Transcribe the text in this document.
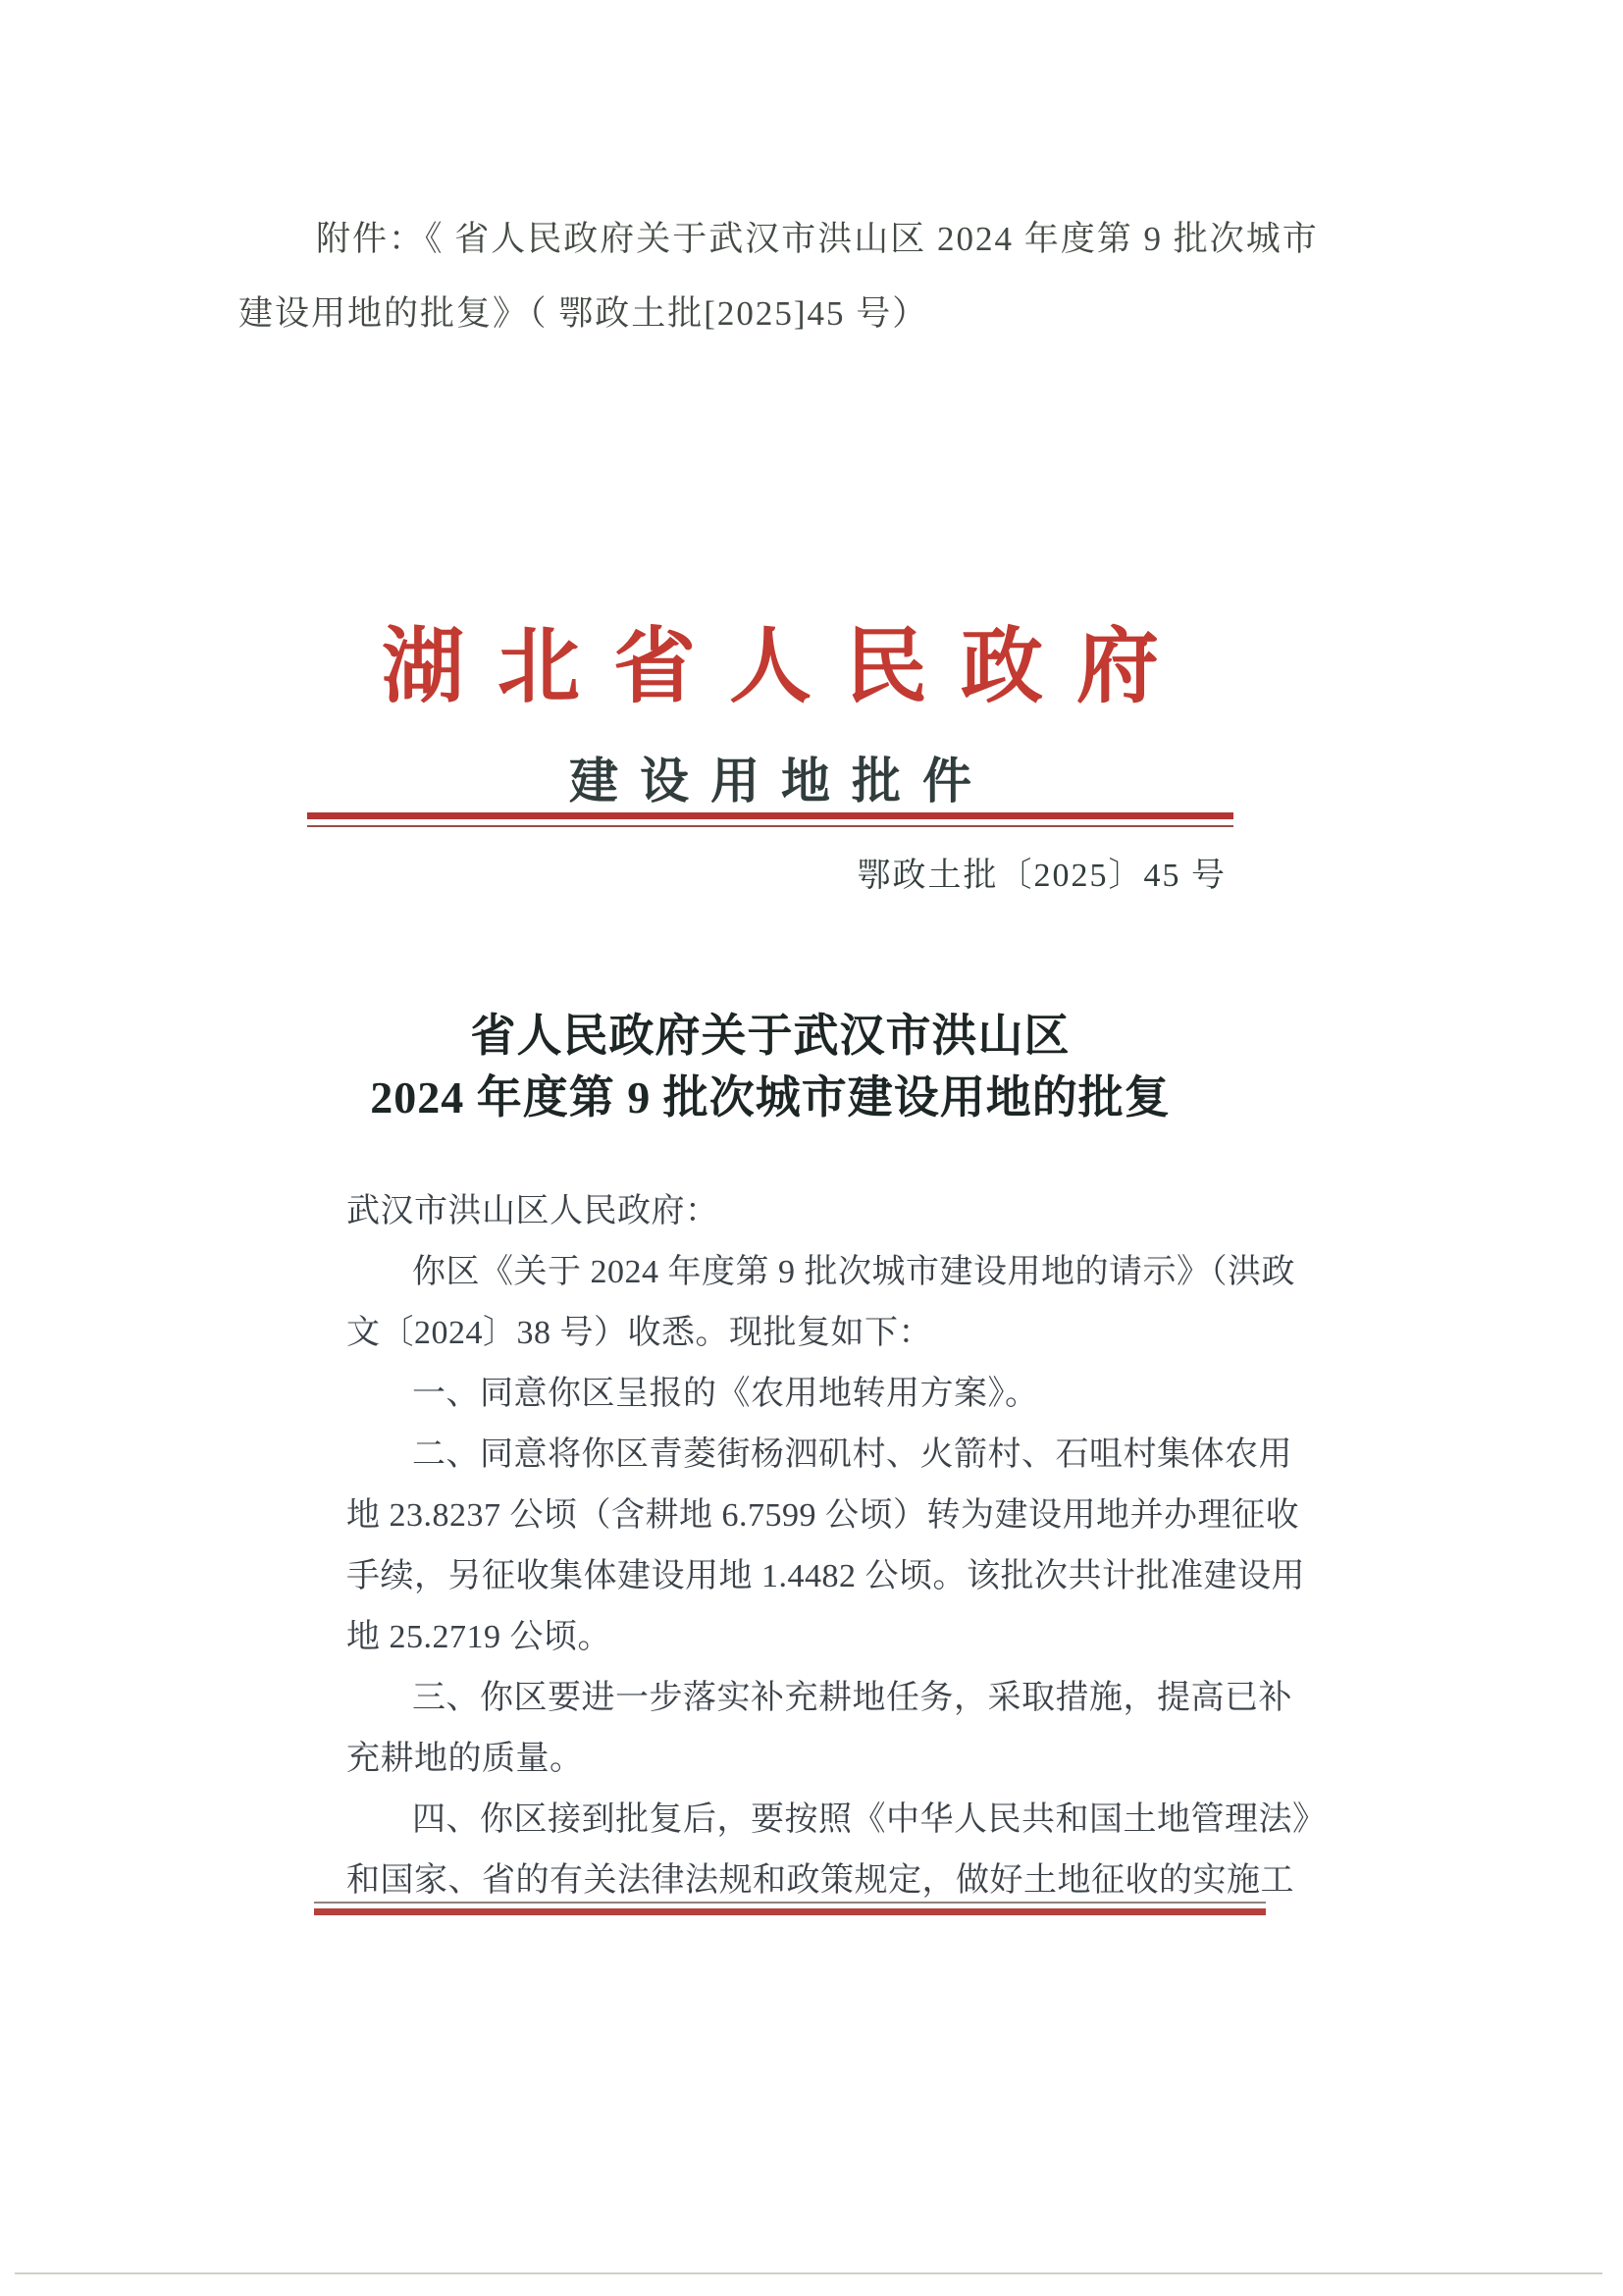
附件：《 省人民政府关于武汉市洪山区 2024 年度第 9 批次城市
建设用地的批复》（ 鄂政土批[2025]45 号）
湖北省人民政府
建设用地批件
鄂政土批〔2025〕45 号
省人民政府关于武汉市洪山区
2024 年度第 9 批次城市建设用地的批复
武汉市洪山区人民政府：
你区《关于 2024 年度第 9 批次城市建设用地的请示》（洪政
文〔2024〕38 号）收悉。现批复如下：
一、同意你区呈报的《农用地转用方案》。
二、同意将你区青菱街杨泗矶村、火箭村、石咀村集体农用
地 23.8237 公顷（含耕地 6.7599 公顷）转为建设用地并办理征收
手续，另征收集体建设用地 1.4482 公顷。该批次共计批准建设用
地 25.2719 公顷。
三、你区要进一步落实补充耕地任务，采取措施，提高已补
充耕地的质量。
四、你区接到批复后，要按照《中华人民共和国土地管理法》
和国家、省的有关法律法规和政策规定，做好土地征收的实施工
